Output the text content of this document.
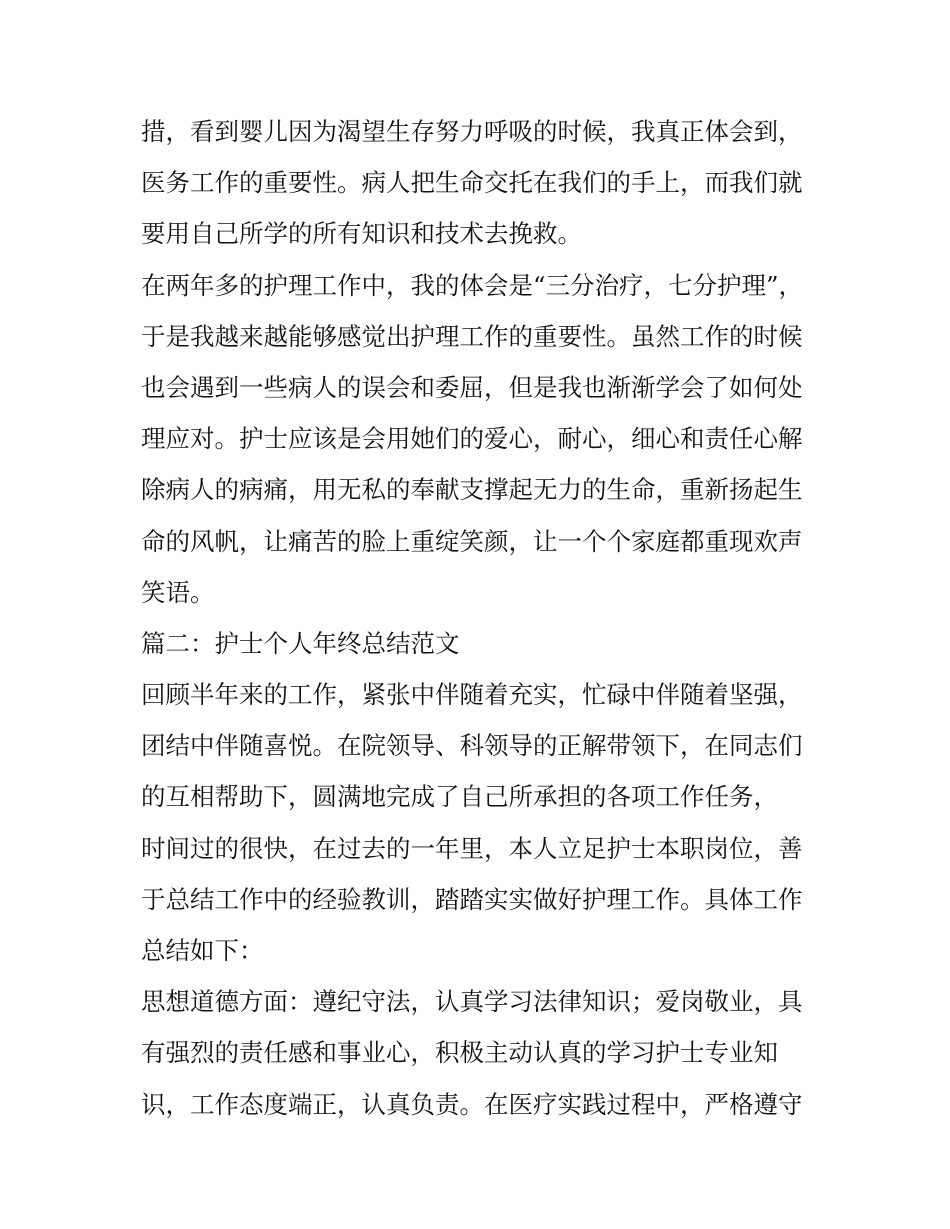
措，看到婴儿因为渴望生存努力呼吸的时候，我真正体会到，

医务工作的重要性。病人把生命交托在我们的手上，而我们就

要用自己所学的所有知识和技术去挽救。

在两年多的护理工作中，我的体会是“三分治疗，七分护理”，

于是我越来越能够感觉出护理工作的重要性。虽然工作的时候

也会遇到一些病人的误会和委屈，但是我也渐渐学会了如何处

理应对。护士应该是会用她们的爱心，耐心，细心和责任心解

除病人的病痛，用无私的奉献支撑起无力的生命，重新扬起生

命的风帆，让痛苦的脸上重绽笑颜，让一个个家庭都重现欢声

笑语。

篇二：护士个人年终总结范文

回顾半年来的工作，紧张中伴随着充实，忙碌中伴随着坚强，

团结中伴随喜悦。在院领导、科领导的正解带领下，在同志们

的互相帮助下，圆满地完成了自己所承担的各项工作任务，

时间过的很快，在过去的一年里，本人立足护士本职岗位，善

于总结工作中的经验教训，踏踏实实做好护理工作。具体工作

总结如下：

思想道德方面：遵纪守法，认真学习法律知识；爱岗敬业，具

有强烈的责任感和事业心，积极主动认真的学习护士专业知

识，工作态度端正，认真负责。在医疗实践过程中，严格遵守
